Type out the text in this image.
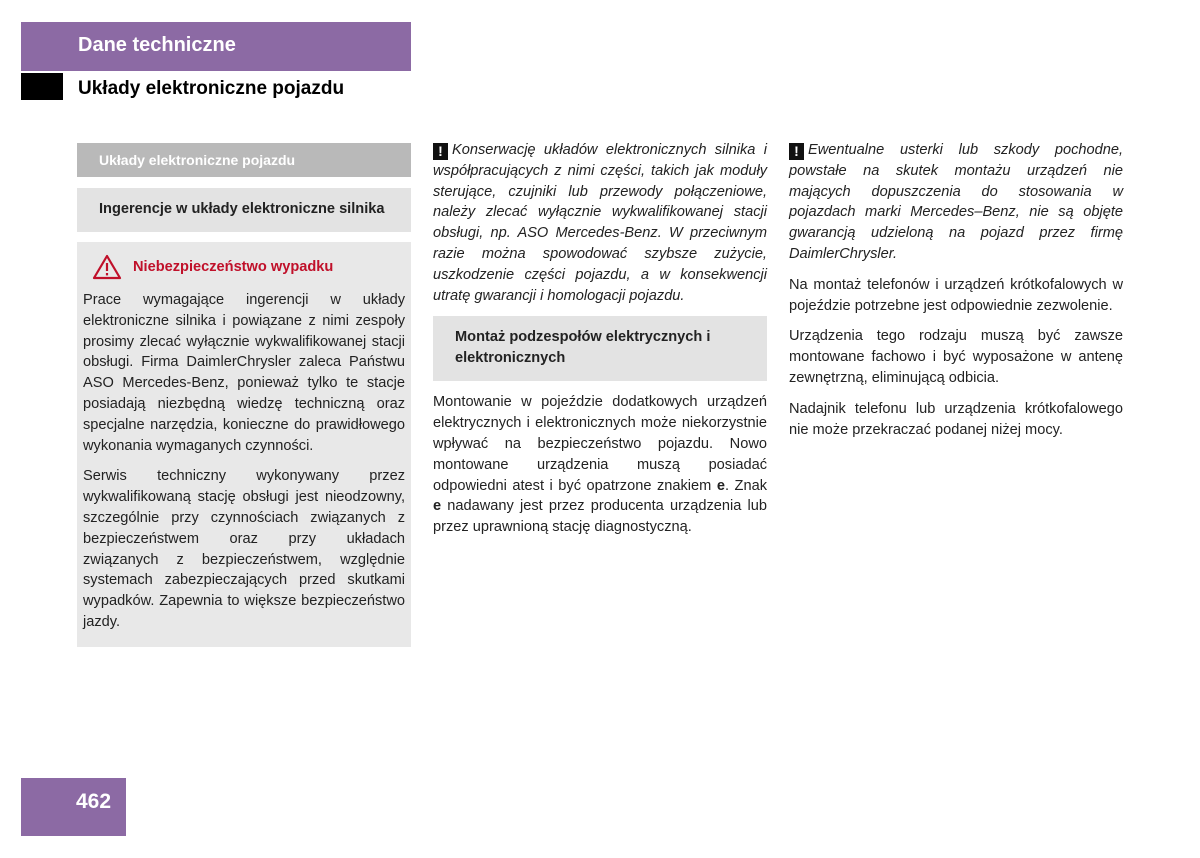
Dane techniczne
Układy elektroniczne pojazdu
Układy elektroniczne pojazdu
Ingerencje w układy elektroniczne silnika
Niebezpieczeństwo wypadku

Prace wymagające ingerencji w układy elektroniczne silnika i powiązane z nimi zespoły prosimy zlecać wyłącznie wykwalifikowanej stacji obsługi. Firma DaimlerChrysler zaleca Państwu ASO Mercedes-Benz, ponieważ tylko te stacje posiadają niezbędną wiedzę techniczną oraz specjalne narzędzia, konieczne do prawidłowego wykonania wymaganych czynności.

Serwis techniczny wykonywany przez wykwalifikowaną stację obsługi jest nieodzowny, szczególnie przy czynnościach związanych z bezpieczeństwem oraz przy układach związanych z bezpieczeństwem, względnie systemach zabezpieczających przed skutkami wypadków. Zapewnia to większe bezpieczeństwo jazdy.

! Konserwację układów elektronicznych silnika i współpracujących z nimi części, takich jak moduły sterujące, czujniki lub przewody połączeniowe, należy zlecać wyłącznie wykwalifikowanej stacji obsługi, np. ASO Mercedes-Benz. W przeciwnym razie można spowodować szybsze zużycie, uszkodzenie części pojazdu, a w konsekwencji utratę gwarancji i homologacji pojazdu.

Montaż podzespołów elektrycznych i elektronicznych

Montowanie w pojeździe dodatkowych urządzeń elektrycznych i elektronicznych może niekorzystnie wpływać na bezpieczeństwo pojazdu. Nowo montowane urządzenia muszą posiadać odpowiedni atest i być opatrzone znakiem e. Znak e nadawany jest przez producenta urządzenia lub przez uprawnioną stację diagnostyczną.

! Ewentualne usterki lub szkody pochodne, powstałe na skutek montażu urządzeń nie mających dopuszczenia do stosowania w pojazdach marki Mercedes–Benz, nie są objęte gwarancją udzieloną na pojazd przez firmę DaimlerChrysler.

Na montaż telefonów i urządzeń krótkofalowych w pojeździe potrzebne jest odpowiednie zezwolenie.

Urządzenia tego rodzaju muszą być zawsze montowane fachowo i być wyposażone w antenę zewnętrzną, eliminującą odbicia.

Nadajnik telefonu lub urządzenia krótkofalowego nie może przekraczać podanej niżej mocy.

462
